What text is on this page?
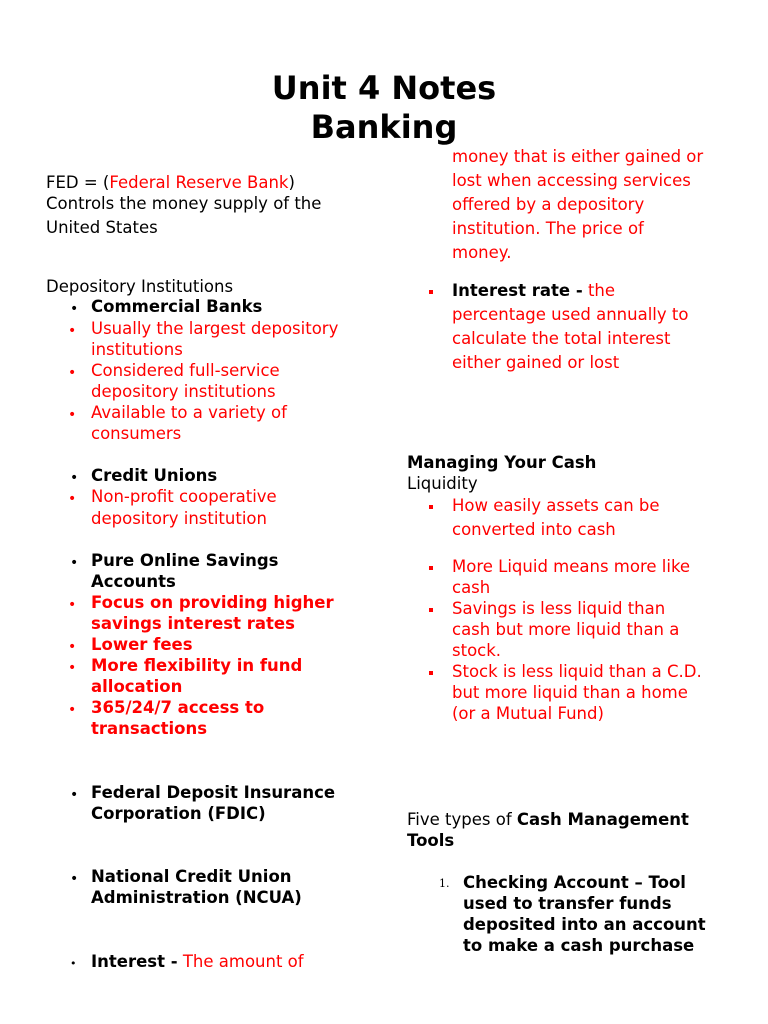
Unit 4 Notes
Banking
FED = (Federal Reserve Bank)
Controls the money supply of the
United States
Depository Institutions
• Commercial Banks
• Usually the largest depository
institutions
• Considered full-service
depository institutions
• Available to a variety of
consumers
• Credit Unions
• Non-profit cooperative
depository institution
• Pure Online Savings
Accounts
• Focus on providing higher
savings interest rates
• Lower fees
• More flexibility in fund
allocation
• 365/24/7 access to
transactions
• Federal Deposit Insurance
Corporation (FDIC)
• National Credit Union
Administration (NCUA)
• Interest - The amount of
money that is either gained or
lost when accessing services
offered by a depository
institution. The price of
money.
Interest rate - the
percentage used annually to
calculate the total interest
either gained or lost
Managing Your Cash
Liquidity
How easily assets can be
converted into cash
More Liquid means more like
cash
Savings is less liquid than
cash but more liquid than a
stock.
Stock is less liquid than a C.D.
but more liquid than a home
(or a Mutual Fund)
Five types of Cash Management
Tools
1. Checking Account – Tool
used to transfer funds
deposited into an account
to make a cash purchase
